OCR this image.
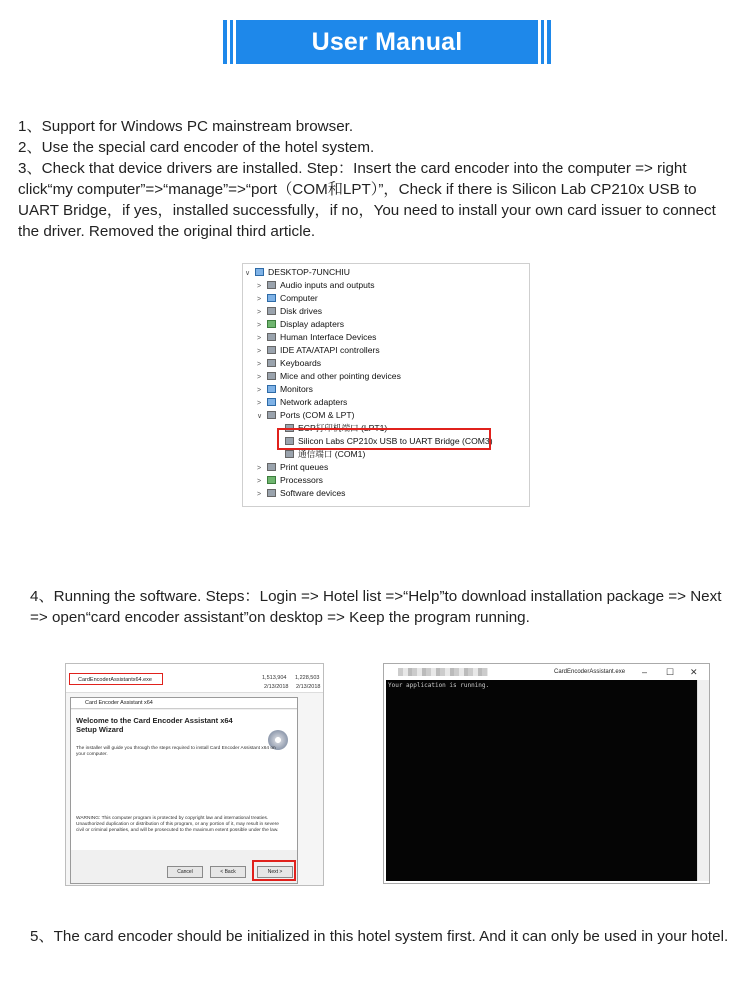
User Manual

1、Support for Windows PC mainstream browser.

2、Use the special card encoder of the hotel system.

3、Check that device drivers are installed. Step：Insert the card encoder into the computer => right click“my computer”=>“manage”=>“port（COM和LPT）”，Check if there is Silicon Lab CP210x USB to UART Bridge，if yes，installed successfully，if no，You need to install your own card issuer to connect the driver. Removed the original third article.

∨ DESKTOP-7UNCHIU
> Audio inputs and outputs
> Computer
> Disk drives
> Display adapters
> Human Interface Devices
> IDE ATA/ATAPI controllers
> Keyboards
> Mice and other pointing devices
> Monitors
> Network adapters
∨ Ports (COM & LPT)
ECP打印机端口 (LPT1)
Silicon Labs CP210x USB to UART Bridge (COM3)
通信端口 (COM1)
> Print queues
> Processors
> Software devices
4、Running the software. Steps：Login => Hotel list =>“Help”to download installation package => Next => open“card encoder assistant”on desktop => Keep the program running.
CardEncoderAssistantx64.exe	1,513,904 1,228,503
2/13/2018 2/13/2018
Card Encoder Assistant x64
Welcome to the Card Encoder Assistant x64 Setup Wizard
The installer will guide you through the steps required to install Card Encoder Assistant x64 on your computer.
WARNING: This computer program is protected by copyright law and international treaties. Unauthorized duplication or distribution of this program, or any portion of it, may result in severe civil or criminal penalties, and will be prosecuted to the maximum extent possible under the law.
Cancel	< Back	Next >
CardEncoderAssistant.exe – ☐ ✕
Your application is running.
5、The card encoder should be initialized in this hotel system first. And it can only be used in your hotel.
